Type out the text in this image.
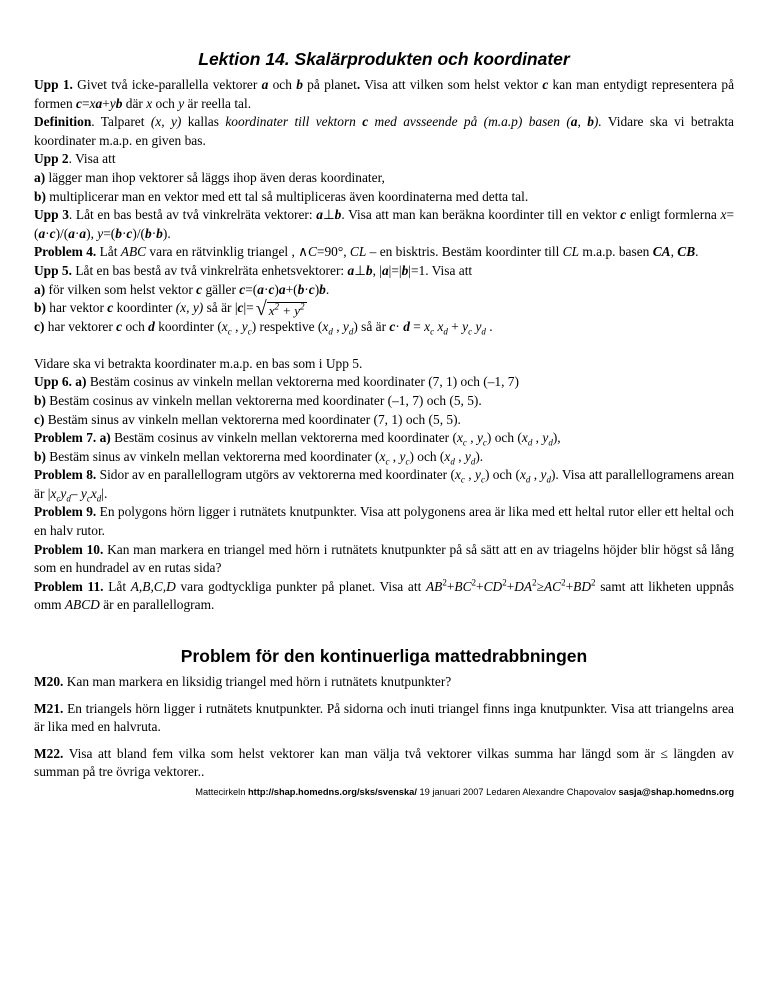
Lektion 14. Skalärprodukten och koordinater

Upp 1. Givet två icke-parallella vektorer a och b på planet. Visa att vilken som helst vektor c kan man entydigt representera på formen c=xa+yb där x och y är reella tal.

Definition. Talparet (x, y) kallas koordinater till vektorn c med avsseende på (m.a.p) basen (a, b). Vidare ska vi betrakta koordinater m.a.p. en given bas.

Upp 2. Visa att

a) lägger man ihop vektorer så läggs ihop även deras koordinater,

b) multiplicerar man en vektor med ett tal så multipliceras även koordinaterna med detta tal.

Upp 3. Låt en bas bestå av två vinkrelräta vektorer: a⊥b. Visa att man kan beräkna koordinter till en vektor c enligt formlerna x=(a·c)/(a·a), y=(b·c)/(b·b).

Problem 4. Låt ABC vara en rätvinklig triangel , ∧C=90°, CL – en bisktris. Bestäm koordinter till CL m.a.p. basen CA, CB.

Upp 5. Låt en bas bestå av två vinkrelräta enhetsvektorer: a⊥b, |a|=|b|=1. Visa att

a) för vilken som helst vektor c gäller c=(a·c)a+(b·c)b.

b) har vektor c koordinter (x, y) så är |c|= √ $x^2 + y^2$

c) har vektorer c och d koordinter ($x_c$ , $y_c$) respektive ($x_d$ , $y_d$) så är $c\cdot d = x_c$ $x_d + y_c$ $y_d$ .

Vidare ska vi betrakta koordinater m.a.p. en bas som i Upp 5.

Upp 6. a) Bestäm cosinus av vinkeln mellan vektorerna med koordinater (7, 1) och (–1, 7)

b) Bestäm cosinus av vinkeln mellan vektorerna med koordinater (–1, 7) och (5, 5).

c) Bestäm sinus av vinkeln mellan vektorerna med koordinater (7, 1) och (5, 5).

Problem 7. a) Bestäm cosinus av vinkeln mellan vektorerna med koordinater ($x_c$ , $y_c$) och ($x_d$ , $y_d$),

b) Bestäm sinus av vinkeln mellan vektorerna med koordinater ($x_c$ , $y_c$) och ($x_d$ , $y_d$).

Problem 8. Sidor av en parallellogram utgörs av vektorerna med koordinater ($x_c$ , $y_c$) och ($x_d$ , $y_d$). Visa att parallellogramens arean är $|x_cy_d-$ $y_cx_d|$.

Problem 9. En polygons hörn ligger i rutnätets knutpunkter. Visa att polygonens area är lika med ett heltal rutor eller ett heltal och en halv rutor.

Problem 10. Kan man markera en triangel med hörn i rutnätets knutpunkter på så sätt att en av triagelns höjder blir högst så lång som en hundradel av en rutas sida?

Problem 11. Låt A,B,C,D vara godtyckliga punkter på planet. Visa att $AB^2+BC^2+CD^2+DA^2\ge AC^2+BD^2$ samt att likheten uppnås omm ABCD är en parallellogram.

Problem för den kontinuerliga mattedrabbningen

M20. Kan man markera en liksidig triangel med hörn i rutnätets knutpunkter?

M21. En triangels hörn ligger i rutnätets knutpunkter. På sidorna och inuti triangel finns inga knutpunkter. Visa att triangelns area är lika med en halvruta.

M22. Visa att bland fem vilka som helst vektorer kan man välja två vektorer vilkas summa har längd som är ≤ längden av summan på tre övriga vektorer..

Mattecirkeln http://shap.homedns.org/sks/svenska/ 19 januari 2007 Ledaren Alexandre Chapovalov sasja@shap.homedns.org
